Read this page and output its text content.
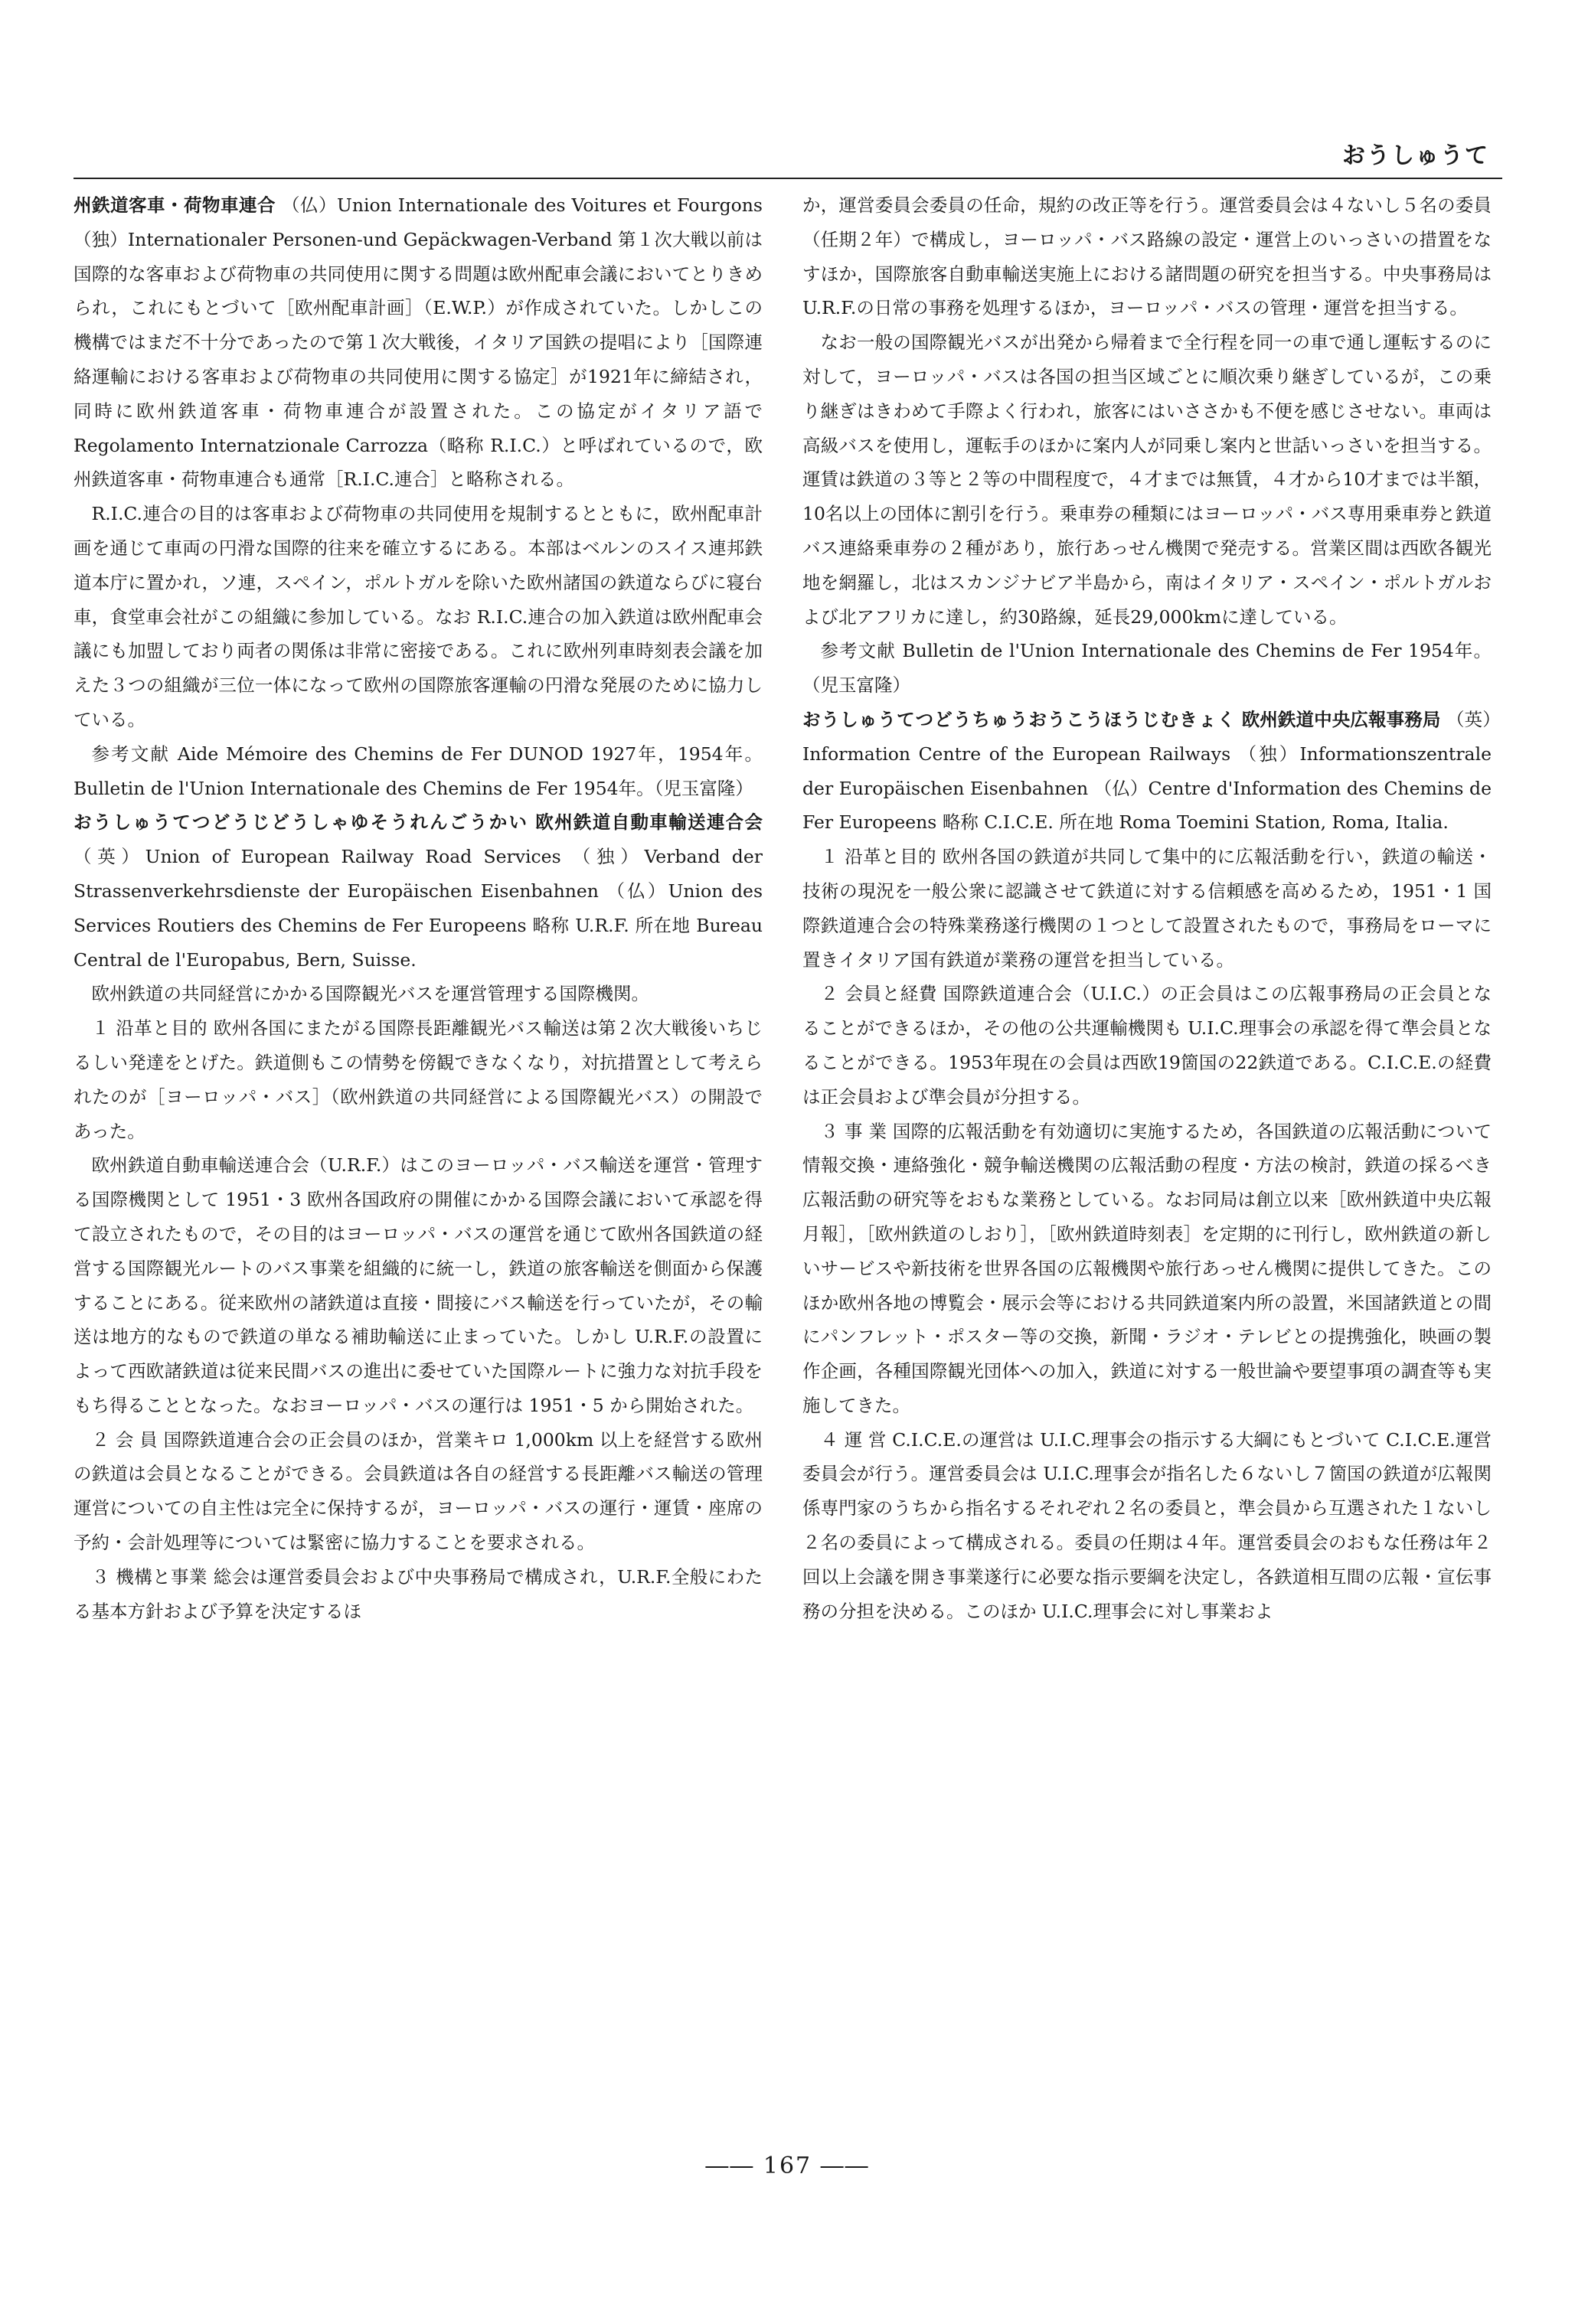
おうしゅうて

州鉄道客車・荷物車連合 （仏）Union Internationale des Voitures et Fourgons （独）Internationaler Personen-und Gepäckwagen-Verband 第１次大戦以前は国際的な客車および荷物車の共同使用に関する問題は欧州配車会議においてとりきめられ，これにもとづいて［欧州配車計画］（E.W.P.）が作成されていた。しかしこの機構ではまだ不十分であったので第１次大戦後，イタリア国鉄の提唱により［国際連絡運輸における客車および荷物車の共同使用に関する協定］が1921年に締結され，同時に欧州鉄道客車・荷物車連合が設置された。この協定がイタリア語で Regolamento Internatzionale Carrozza（略称 R.I.C.）と呼ばれているので，欧州鉄道客車・荷物車連合も通常［R.I.C.連合］と略称される。

R.I.C.連合の目的は客車および荷物車の共同使用を規制するとともに，欧州配車計画を通じて車両の円滑な国際的往来を確立するにある。本部はベルンのスイス連邦鉄道本庁に置かれ，ソ連，スペイン，ポルトガルを除いた欧州諸国の鉄道ならびに寝台車，食堂車会社がこの組織に参加している。なお R.I.C.連合の加入鉄道は欧州配車会議にも加盟しており両者の関係は非常に密接である。これに欧州列車時刻表会議を加えた３つの組織が三位一体になって欧州の国際旅客運輸の円滑な発展のために協力している。

参考文献 Aide Mémoire des Chemins de Fer DUNOD 1927年，1954年。Bulletin de l'Union Internationale des Chemins de Fer 1954年。（児玉富隆）

おうしゅうてつどうじどうしゃゆそうれんごうかい 欧州鉄道自動車輸送連合会 （英）Union of European Railway Road Services （独）Verband der Strassenverkehrsdienste der Europäischen Eisenbahnen （仏）Union des Services Routiers des Chemins de Fer Europeens 略称 U.R.F. 所在地 Bureau Central de l'Europabus, Bern, Suisse.

欧州鉄道の共同経営にかかる国際観光バスを運営管理する国際機関。

１ 沿革と目的 欧州各国にまたがる国際長距離観光バス輸送は第２次大戦後いちじるしい発達をとげた。鉄道側もこの情勢を傍観できなくなり，対抗措置として考えられたのが［ヨーロッパ・バス］（欧州鉄道の共同経営による国際観光バス）の開設であった。

欧州鉄道自動車輸送連合会（U.R.F.）はこのヨーロッパ・バス輸送を運営・管理する国際機関として 1951・3 欧州各国政府の開催にかかる国際会議において承認を得て設立されたもので，その目的はヨーロッパ・バスの運営を通じて欧州各国鉄道の経営する国際観光ルートのバス事業を組織的に統一し，鉄道の旅客輸送を側面から保護することにある。従来欧州の諸鉄道は直接・間接にバス輸送を行っていたが，その輸送は地方的なもので鉄道の単なる補助輸送に止まっていた。しかし U.R.F.の設置によって西欧諸鉄道は従来民間バスの進出に委せていた国際ルートに強力な対抗手段をもち得ることとなった。なおヨーロッパ・バスの運行は 1951・5 から開始された。

２ 会 員 国際鉄道連合会の正会員のほか，営業キロ 1,000km 以上を経営する欧州の鉄道は会員となることができる。会員鉄道は各自の経営する長距離バス輸送の管理運営についての自主性は完全に保持するが，ヨーロッパ・バスの運行・運賃・座席の予約・会計処理等については緊密に協力することを要求される。

３ 機構と事業 総会は運営委員会および中央事務局で構成され，U.R.F.全般にわたる基本方針および予算を決定するほ

か，運営委員会委員の任命，規約の改正等を行う。運営委員会は４ないし５名の委員（任期２年）で構成し，ヨーロッパ・バス路線の設定・運営上のいっさいの措置をなすほか，国際旅客自動車輸送実施上における諸問題の研究を担当する。中央事務局は U.R.F.の日常の事務を処理するほか，ヨーロッパ・バスの管理・運営を担当する。

なお一般の国際観光バスが出発から帰着まで全行程を同一の車で通し運転するのに対して，ヨーロッパ・バスは各国の担当区域ごとに順次乗り継ぎしているが，この乗り継ぎはきわめて手際よく行われ，旅客にはいささかも不便を感じさせない。車両は高級バスを使用し，運転手のほかに案内人が同乗し案内と世話いっさいを担当する。運賃は鉄道の３等と２等の中間程度で，４才までは無賃，４才から10才までは半額，10名以上の団体に割引を行う。乗車券の種類にはヨーロッパ・バス専用乗車券と鉄道バス連絡乗車券の２種があり，旅行あっせん機関で発売する。営業区間は西欧各観光地を網羅し，北はスカンジナビア半島から，南はイタリア・スペイン・ポルトガルおよび北アフリカに達し，約30路線，延長29,000kmに達している。

参考文献 Bulletin de l'Union Internationale des Chemins de Fer 1954年。（児玉富隆）

おうしゅうてつどうちゅうおうこうほうじむきょく 欧州鉄道中央広報事務局 （英）Information Centre of the European Railways （独）Informationszentrale der Europäischen Eisenbahnen （仏）Centre d'Information des Chemins de Fer Europeens 略称 C.I.C.E. 所在地 Roma Toemini Station, Roma, Italia.

１ 沿革と目的 欧州各国の鉄道が共同して集中的に広報活動を行い，鉄道の輸送・技術の現況を一般公衆に認識させて鉄道に対する信頼感を高めるため，1951・1 国際鉄道連合会の特殊業務遂行機関の１つとして設置されたもので，事務局をローマに置きイタリア国有鉄道が業務の運営を担当している。

２ 会員と経費 国際鉄道連合会（U.I.C.）の正会員はこの広報事務局の正会員となることができるほか，その他の公共運輸機関も U.I.C.理事会の承認を得て準会員となることができる。1953年現在の会員は西欧19箇国の22鉄道である。C.I.C.E.の経費は正会員および準会員が分担する。

３ 事 業 国際的広報活動を有効適切に実施するため，各国鉄道の広報活動について情報交換・連絡強化・競争輸送機関の広報活動の程度・方法の検討，鉄道の採るべき広報活動の研究等をおもな業務としている。なお同局は創立以来［欧州鉄道中央広報月報］，［欧州鉄道のしおり］，［欧州鉄道時刻表］を定期的に刊行し，欧州鉄道の新しいサービスや新技術を世界各国の広報機関や旅行あっせん機関に提供してきた。このほか欧州各地の博覧会・展示会等における共同鉄道案内所の設置，米国諸鉄道との間にパンフレット・ポスター等の交換，新聞・ラジオ・テレビとの提携強化，映画の製作企画，各種国際観光団体への加入，鉄道に対する一般世論や要望事項の調査等も実施してきた。

４ 運 営 C.I.C.E.の運営は U.I.C.理事会の指示する大綱にもとづいて C.I.C.E.運営委員会が行う。運営委員会は U.I.C.理事会が指名した６ないし７箇国の鉄道が広報関係専門家のうちから指名するそれぞれ２名の委員と，準会員から互選された１ないし２名の委員によって構成される。委員の任期は４年。運営委員会のおもな任務は年２回以上会議を開き事業遂行に必要な指示要綱を決定し，各鉄道相互間の広報・宣伝事務の分担を決める。このほか U.I.C.理事会に対し事業およ

―― 167 ――
